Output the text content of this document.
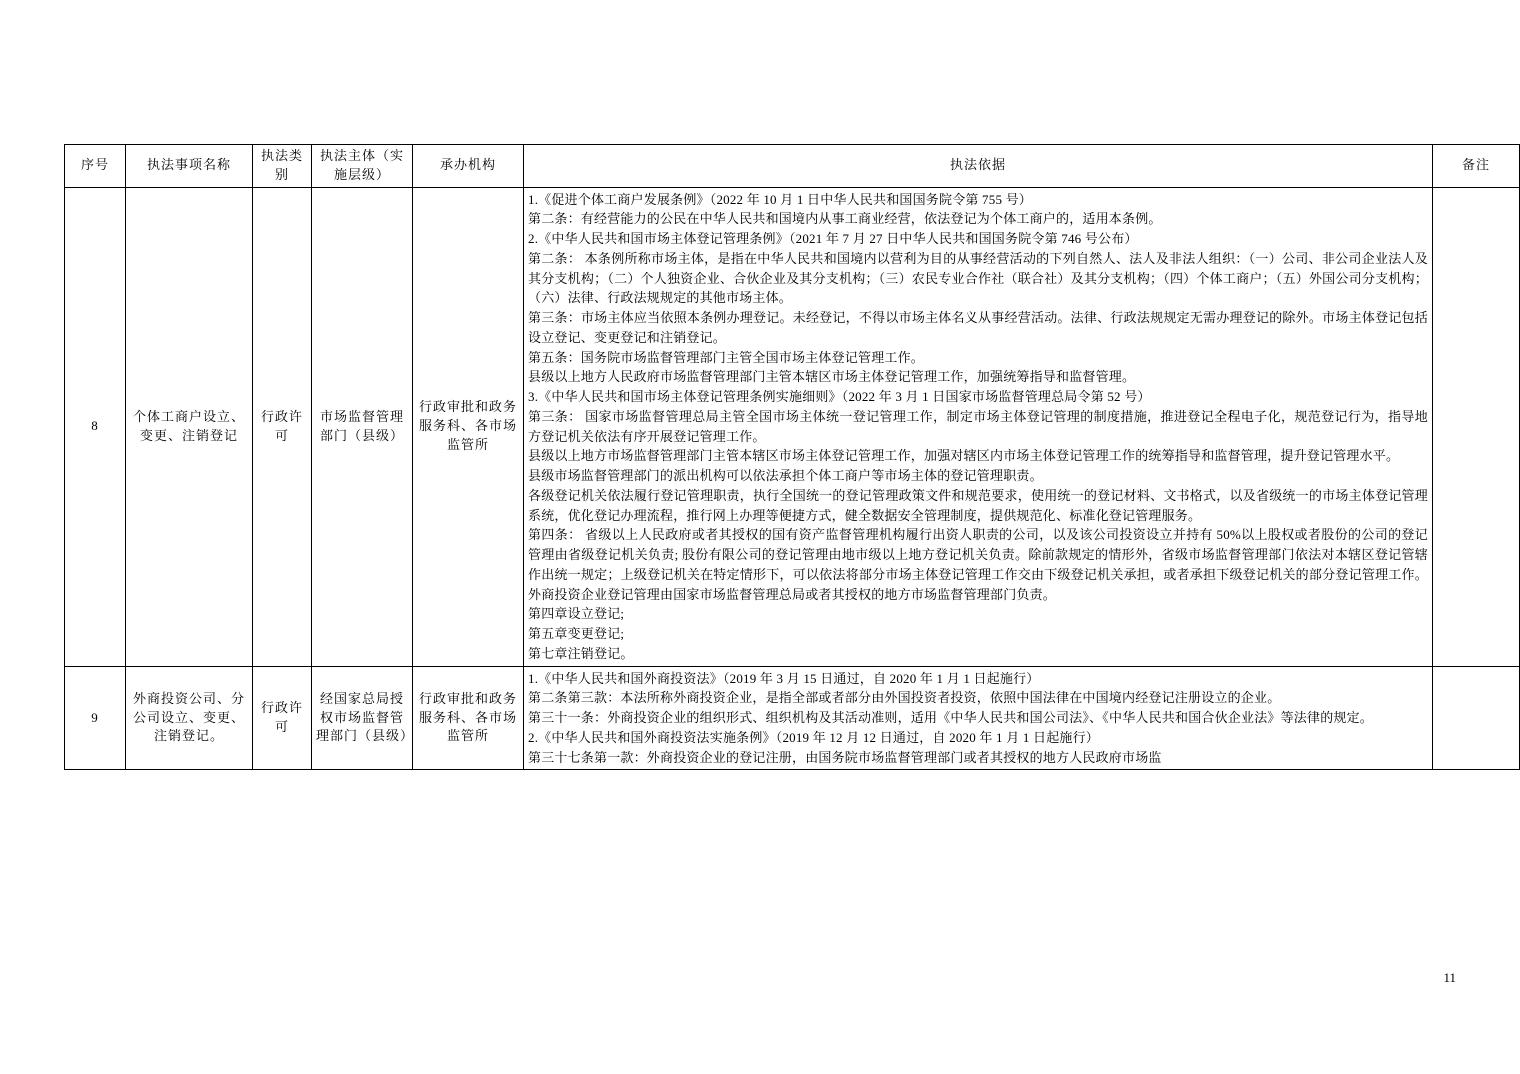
序号	执法事项名称	执法类别	执法主体（实施层级）	承办机构	执法依据	备注
8	个体工商户设立、变更、注销登记	行政许可	市场监督管理部门（县级）	行政审批和政务服务科、各市场监管所	

1.《促进个体工商户发展条例》（2022 年 10 月 1 日中华人民共和国国务院令第 755 号）

第二条：有经营能力的公民在中华人民共和国境内从事工商业经营，依法登记为个体工商户的，适用本条例。

2.《中华人民共和国市场主体登记管理条例》（2021 年 7 月 27 日中华人民共和国国务院令第 746 号公布）

第二条： 本条例所称市场主体，是指在中华人民共和国境内以营利为目的从事经营活动的下列自然人、法人及非法人组织：（一）公司、非公司企业法人及其分支机构；（二）个人独资企业、合伙企业及其分支机构；（三）农民专业合作社（联合社）及其分支机构；（四）个体工商户；（五）外国公司分支机构；（六）法律、行政法规规定的其他市场主体。

第三条：市场主体应当依照本条例办理登记。未经登记，不得以市场主体名义从事经营活动。法律、行政法规规定无需办理登记的除外。市场主体登记包括设立登记、变更登记和注销登记。

第五条：国务院市场监督管理部门主管全国市场主体登记管理工作。

县级以上地方人民政府市场监督管理部门主管本辖区市场主体登记管理工作，加强统筹指导和监督管理。

3.《中华人民共和国市场主体登记管理条例实施细则》（2022 年 3 月 1 日国家市场监督管理总局令第 52 号）

第三条： 国家市场监督管理总局主管全国市场主体统一登记管理工作，制定市场主体登记管理的制度措施，推进登记全程电子化，规范登记行为，指导地方登记机关依法有序开展登记管理工作。

县级以上地方市场监督管理部门主管本辖区市场主体登记管理工作，加强对辖区内市场主体登记管理工作的统筹指导和监督管理，提升登记管理水平。

县级市场监督管理部门的派出机构可以依法承担个体工商户等市场主体的登记管理职责。

各级登记机关依法履行登记管理职责，执行全国统一的登记管理政策文件和规范要求，使用统一的登记材料、文书格式，以及省级统一的市场主体登记管理系统，优化登记办理流程，推行网上办理等便捷方式，健全数据安全管理制度，提供规范化、标准化登记管理服务。

第四条： 省级以上人民政府或者其授权的国有资产监督管理机构履行出资人职责的公司，以及该公司投资设立并持有 50%以上股权或者股份的公司的登记管理由省级登记机关负责; 股份有限公司的登记管理由地市级以上地方登记机关负责。除前款规定的情形外，省级市场监督管理部门依法对本辖区登记管辖作出统一规定；上级登记机关在特定情形下，可以依法将部分市场主体登记管理工作交由下级登记机关承担，或者承担下级登记机关的部分登记管理工作。外商投资企业登记管理由国家市场监督管理总局或者其授权的地方市场监督管理部门负责。

第四章设立登记;

第五章变更登记;

第七章注销登记。

9	外商投资公司、分公司设立、变更、注销登记。	行政许可	经国家总局授权市场监督管理部门（县级）	行政审批和政务服务科、各市场监管所	1.《中华人民共和国外商投资法》（2019 年 3 月 15 日通过，自 2020 年 1 月 1 日起施行）

第二条第三款：本法所称外商投资企业，是指全部或者部分由外国投资者投资，依照中国法律在中国境内经登记注册设立的企业。

第三十一条：外商投资企业的组织形式、组织机构及其活动准则，适用《中华人民共和国公司法》、《中华人民共和国合伙企业法》等法律的规定。

2.《中华人民共和国外商投资法实施条例》（2019 年 12 月 12 日通过，自 2020 年 1 月 1 日起施行）

第三十七条第一款：外商投资企业的登记注册，由国务院市场监督管理部门或者其授权的地方人民政府市场监	

11
